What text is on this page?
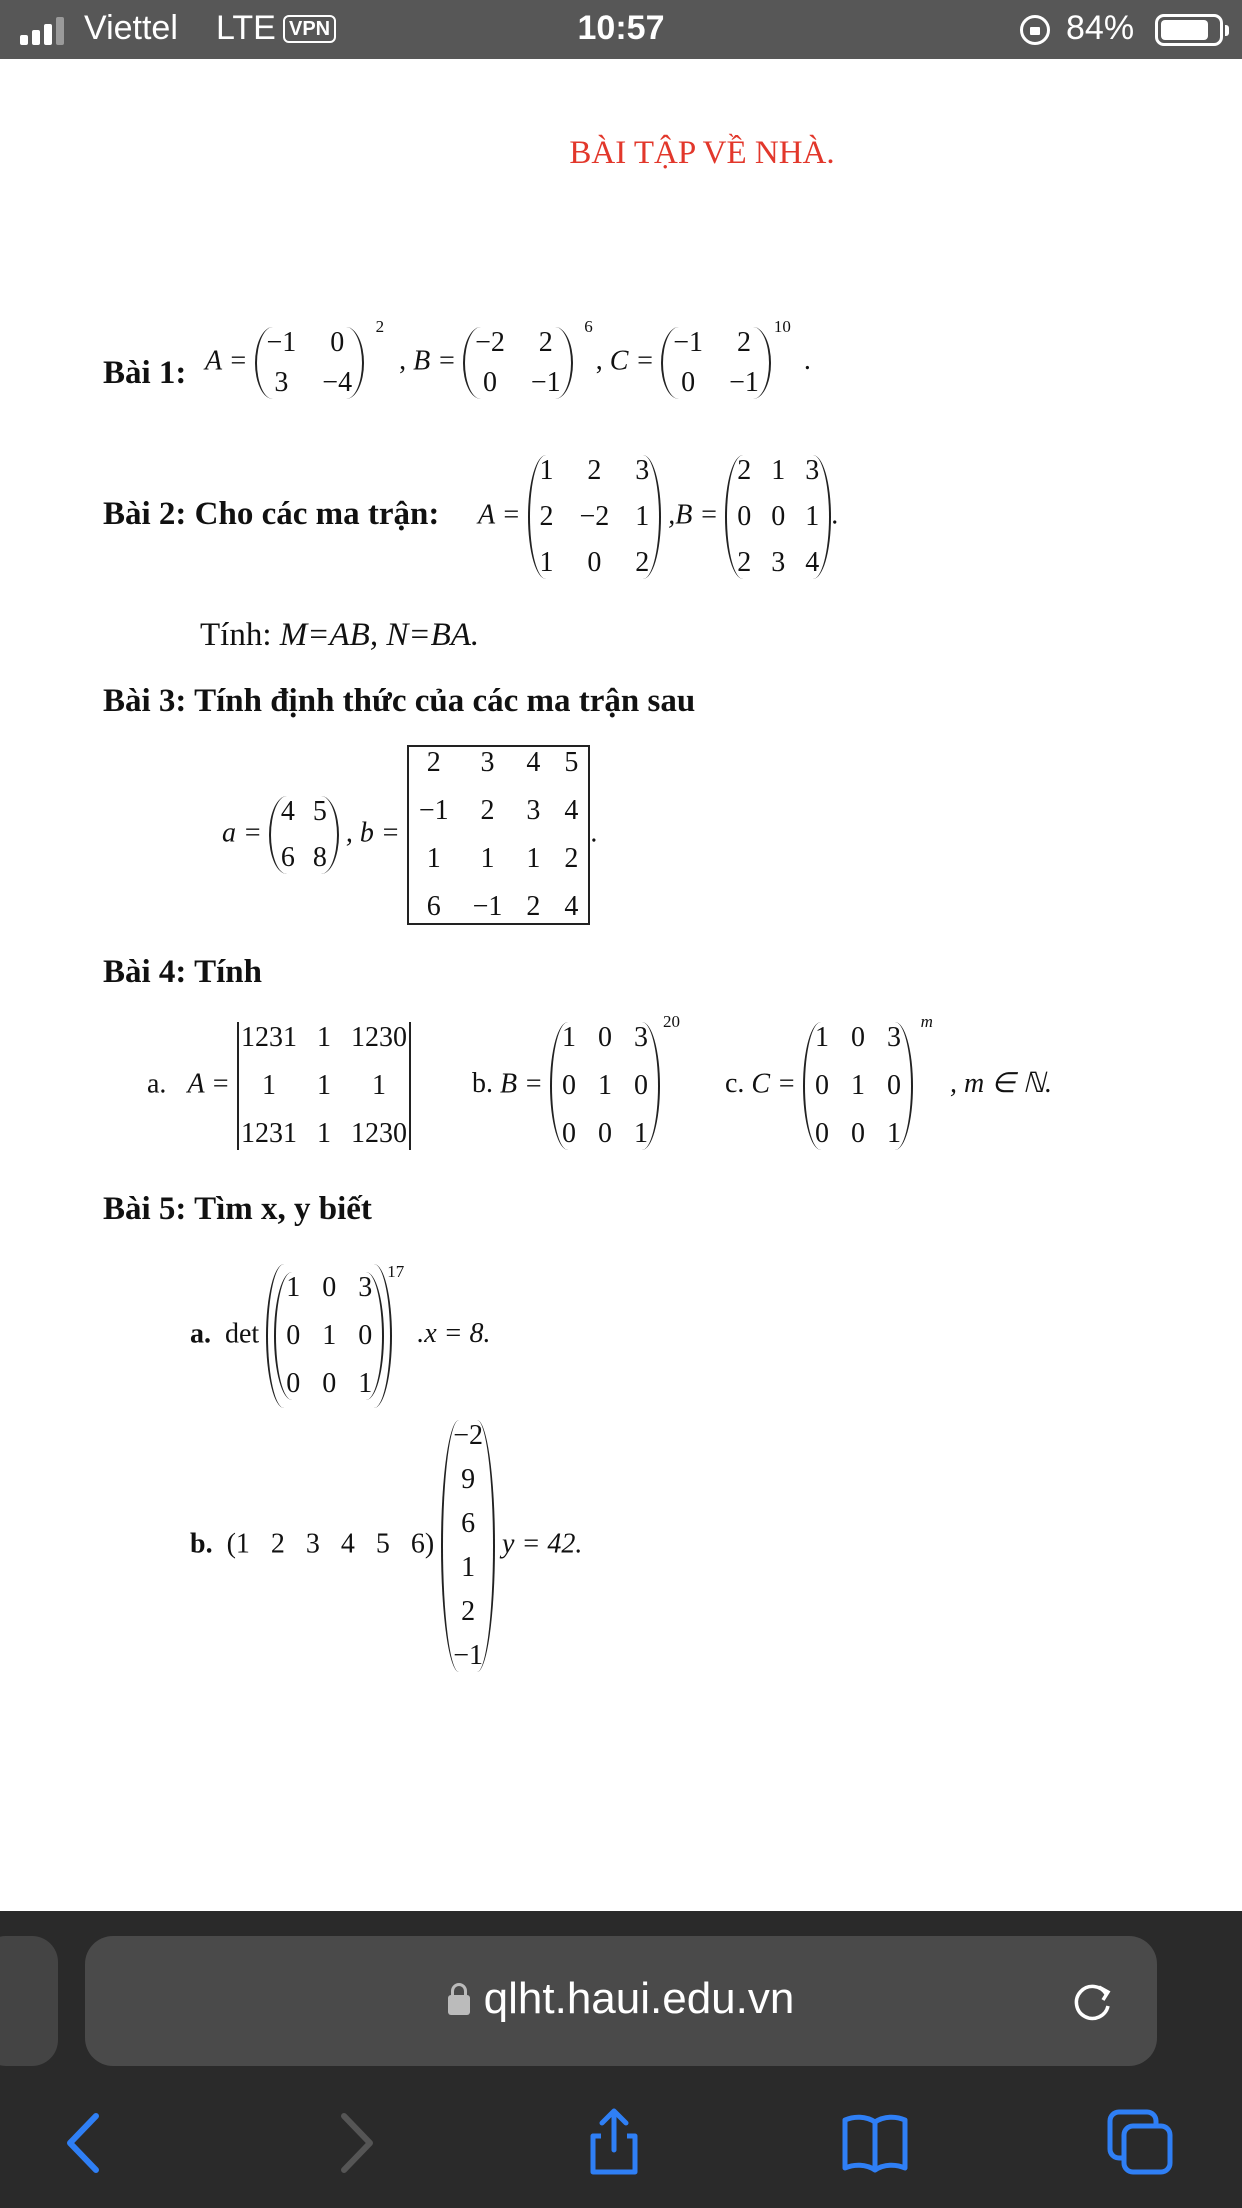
Viettel LTE VPN	10:57	84%
BÀI TẬP VỀ NHÀ.
Bài 1: A =
−1 0
3 −4
2
, B =
−2 2
0 −1
6
, C =
−1 2
0 −1
10
.
Bài 2: Cho các ma trận: A =
1 2 3
2 −2 1
1 0 2
,B =
2 1 3
0 0 1
2 3 4
.
Tính: M=AB, N=BA.
Bài 3: Tính định thức của các ma trận sau
a =
4 5
6 8
, b =
2 3 4 5
−1 2 3 4
1 1 1 2
6 −1 2 4
.
Bài 4: Tính
a. A =
1231 1 1230
1	1	1
1231 1 1230
b. B =
1 0 3
0 1 0
0 0 1
20
c. C =
1 0 3
0 1 0
0 0 1
m
, m ∈ ℕ.
Bài 5: Tìm x, y biết
a. det
1 0 3
0 1 0
0 0 1
17
.x = 8.
b. (1   2   3   4   5   6)
−2
9
6
1
2
−1
y = 42.
qlht.haui.edu.vn
